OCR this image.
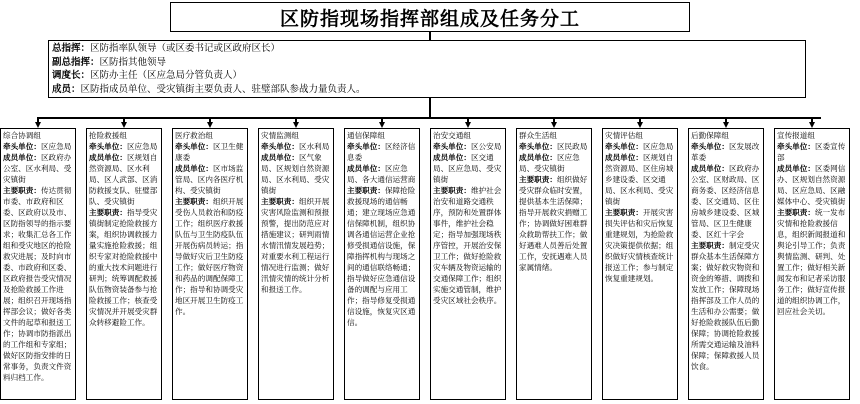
区防指现场指挥部组成及任务分工
总指挥：区防指率队领导（或区委书记或区政府区长）
副总指挥：区防指其他领导
调度长：区防办主任（区应急局分管负责人）
成员：区防指成员单位、受灾镇街主要负责人、驻璧部队参战力量负责人。
综合协调组
牵头单位：区应急局
成员单位：区政府办公室、区水利局、受灾镇街
主要职责：传达贯彻市委、市政府和区委、区政府以及市、区防指领导的指示要求；收集汇总各工作组和受灾地区的抢险救灾进展；及时向市委、市政府和区委、区政府报告受灾情况及抢险救援工作进展；组织召开现场指挥部会议；做好各类文件的起草和报送工作；协调市防指派出的工作组和专家组；做好区防指安排的日常事务，负责文件资料归档工作。
抢险救援组
牵头单位：区应急局
成员单位：区规划自然资源局、区水利局、区人武部、区消防救援支队、驻璧部队、受灾镇街
主要职责：指导受灾镇街制定抢险救援方案，组织协调救援力量实施抢险救援；组织专家对抢险救援中的重大技术问题进行研判；统筹调配救援队伍物资装备参与抢险救援工作；核查受灾情况并开展受灾群众转移避险工作。
医疗救治组
牵头单位：区卫生健康委
成员单位：区市场监管局、区内各医疗机构、受灾镇街
主要职责：组织开展受伤人员救治和防疫工作；组织医疗救援队伍与卫生防疫队伍开展伤病员转运；指导做好灾后卫生防疫工作；做好医疗物资和药品的调配保障工作；指导和协调受灾地区开展卫生防疫工作。
灾情监测组
牵头单位：区水利局
成员单位：区气象局、区规划自然资源局、区水利局、受灾镇街
主要职责：组织开展灾害风险监测和预报预警，提出防范应对措施建议；研判雨情水情汛情发展趋势；对重要水利工程运行情况进行监测；做好汛情灾情的统计分析和报送工作。
通信保障组
牵头单位：区经济信息委
成员单位：区应急局、各大通信运营商
主要职责：保障抢险救援现场的通信畅通；建立现场应急通信保障机制，组织协调各通信运营企业抢修受损通信设施，保障指挥机构与现场之间的通信联络畅通；指导做好应急通信设备的调配与应用工作；指导修复受损通信设施，恢复灾区通信。
治安交通组
牵头单位：区公安局
成员单位：区交通局、区应急局、受灾镇街
主要职责：维护社会治安和道路交通秩序，预防和处置群体事件，维护社会稳定；指导加强现场秩序管控，开展治安保卫工作；做好抢险救灾车辆及物资运输的交通保障工作；组织实施交通管制，维护受灾区域社会秩序。
群众生活组
牵头单位：区民政局
成员单位：区应急局、受灾镇街
主要职责：组织做好受灾群众临时安置，提供基本生活保障；指导开展救灾捐赠工作；协调做好困难群众救助帮扶工作；做好遇难人员善后处置工作，安抚遇难人员家属情绪。
灾情评估组
牵头单位：区应急局
成员单位：区规划自然资源局、区住房城乡建设委、区交通局、区水利局、受灾镇街
主要职责：开展灾害损失评估和灾后恢复重建规划，为抢险救灾决策提供依据；组织做好灾情核查统计报送工作；参与制定恢复重建规划。
后勤保障组
牵头单位：区发展改革委
成员单位：区政府办公室、区财政局、区商务委、区经济信息委、区交通局、区住房城乡建设委、区城管局、区卫生健康委、区红十字会
主要职责：制定受灾群众基本生活保障方案；做好救灾物资和资金的筹措、调拨和发放工作；保障现场指挥部及工作人员的生活和办公需要；做好抢险救援队伍后勤保障；协调抢险救援所需交通运输及油料保障；保障救援人员饮食。
宣传报道组
牵头单位：区委宣传部
成员单位：区委网信办、区规划自然资源局、区应急局、区融媒体中心、受灾镇街
主要职责：统一发布灾情和抢险救援信息，组织新闻报道和舆论引导工作；负责舆情监测、研判、处置工作；做好相关新闻发布和记者采访服务工作；做好宣传报道的组织协调工作，回应社会关切。
